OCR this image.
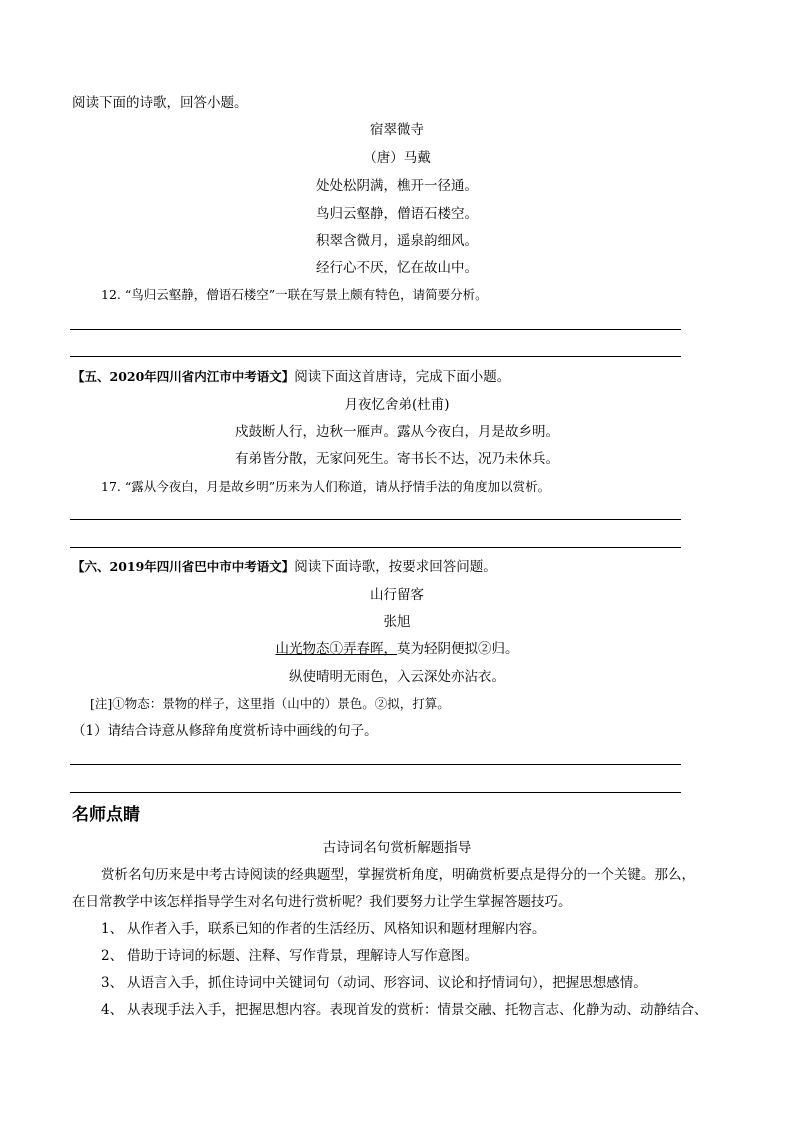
阅读下面的诗歌，回答小题。
宿翠微寺
（唐）马戴
处处松阴满，樵开一径通。
鸟归云壑静，僧语石楼空。
积翠含微月，遥泉韵细风。
经行心不厌，忆在故山中。
12. “鸟归云壑静，僧语石楼空”一联在写景上颇有特色，请简要分析。
【五、2020年四川省内江市中考语文】阅读下面这首唐诗，完成下面小题。
月夜忆舍弟(杜甫)
戍鼓断人行，边秋一雁声。露从今夜白，月是故乡明。
有弟皆分散，无家问死生。寄书长不达，况乃未休兵。
17. “露从今夜白，月是故乡明”历来为人们称道，请从抒情手法的角度加以赏析。
【六、2019年四川省巴中市中考语文】阅读下面诗歌，按要求回答问题。
山行留客
张旭
山光物态①弄春晖，莫为轻阴便拟②归。
纵使晴明无雨色，入云深处亦沾衣。
[注]①物态：景物的样子，这里指（山中的）景色。②拟，打算。
（1）请结合诗意从修辞角度赏析诗中画线的句子。
名师点睛
古诗词名句赏析解题指导
赏析名句历来是中考古诗阅读的经典题型，掌握赏析角度，明确赏析要点是得分的一个关键。那么，
在日常教学中该怎样指导学生对名句进行赏析呢？我们要努力让学生掌握答题技巧。
1、 从作者入手，联系已知的作者的生活经历、风格知识和题材理解内容。
2、 借助于诗词的标题、注释、写作背景，理解诗人写作意图。
3、 从语言入手，抓住诗词中关键词句（动词、形容词、议论和抒情词句），把握思想感情。
4、 从表现手法入手，把握思想内容。表现首发的赏析：情景交融、托物言志、化静为动、动静结合、
